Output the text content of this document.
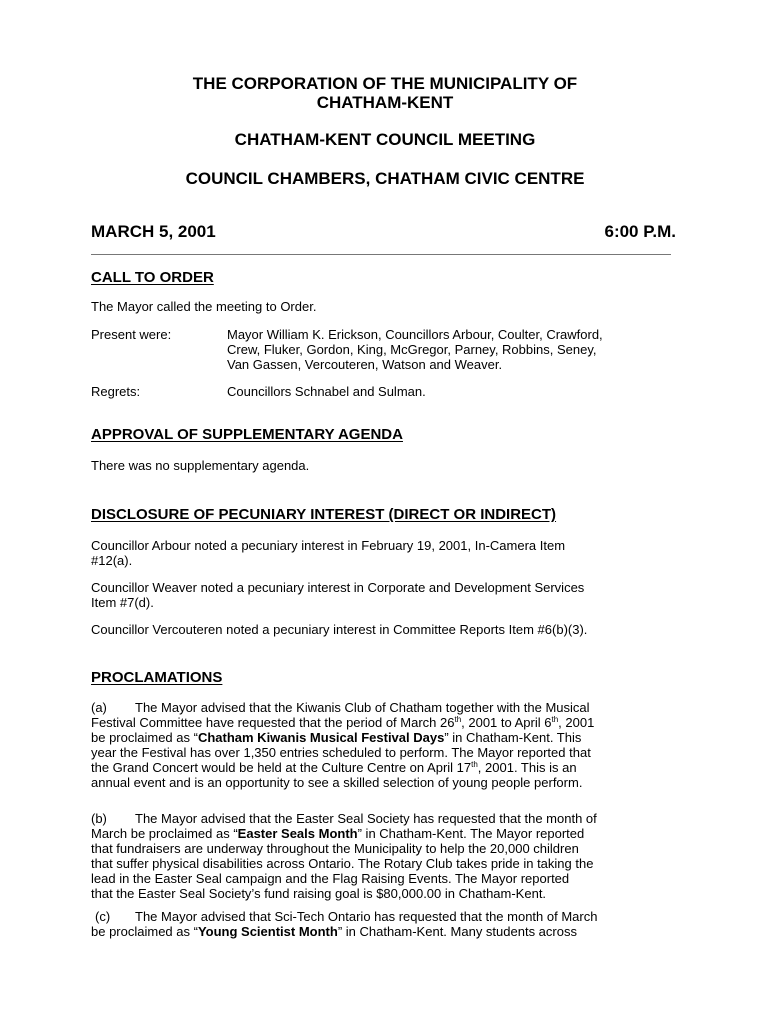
THE CORPORATION OF THE MUNICIPALITY OF
CHATHAM-KENT
CHATHAM-KENT COUNCIL MEETING
COUNCIL CHAMBERS, CHATHAM CIVIC CENTRE
MARCH 5, 2001	6:00 P.M.
CALL TO ORDER
The Mayor called the meeting to Order.
Present were:	Mayor William K. Erickson, Councillors Arbour, Coulter, Crawford,
Crew, Fluker, Gordon, King, McGregor, Parney, Robbins, Seney,
Van Gassen, Vercouteren, Watson and Weaver.
Regrets:	Councillors Schnabel and Sulman.
APPROVAL OF SUPPLEMENTARY AGENDA
There was no supplementary agenda.
DISCLOSURE OF PECUNIARY INTEREST (DIRECT OR INDIRECT)
Councillor Arbour noted a pecuniary interest in February 19, 2001, In-Camera Item
#12(a).
Councillor Weaver noted a pecuniary interest in Corporate and Development Services
Item #7(d).
Councillor Vercouteren noted a pecuniary interest in Committee Reports Item #6(b)(3).
PROCLAMATIONS
(a) The Mayor advised that the Kiwanis Club of Chatham together with the Musical
Festival Committee have requested that the period of March 26th, 2001 to April 6th, 2001
be proclaimed as “Chatham Kiwanis Musical Festival Days” in Chatham-Kent. This
year the Festival has over 1,350 entries scheduled to perform. The Mayor reported that
the Grand Concert would be held at the Culture Centre on April 17th, 2001. This is an
annual event and is an opportunity to see a skilled selection of young people perform.
(b) The Mayor advised that the Easter Seal Society has requested that the month of
March be proclaimed as “Easter Seals Month” in Chatham-Kent. The Mayor reported
that fundraisers are underway throughout the Municipality to help the 20,000 children
that suffer physical disabilities across Ontario. The Rotary Club takes pride in taking the
lead in the Easter Seal campaign and the Flag Raising Events. The Mayor reported
that the Easter Seal Society’s fund raising goal is $80,000.00 in Chatham-Kent.
(c) The Mayor advised that Sci-Tech Ontario has requested that the month of March
be proclaimed as “Young Scientist Month” in Chatham-Kent. Many students across
